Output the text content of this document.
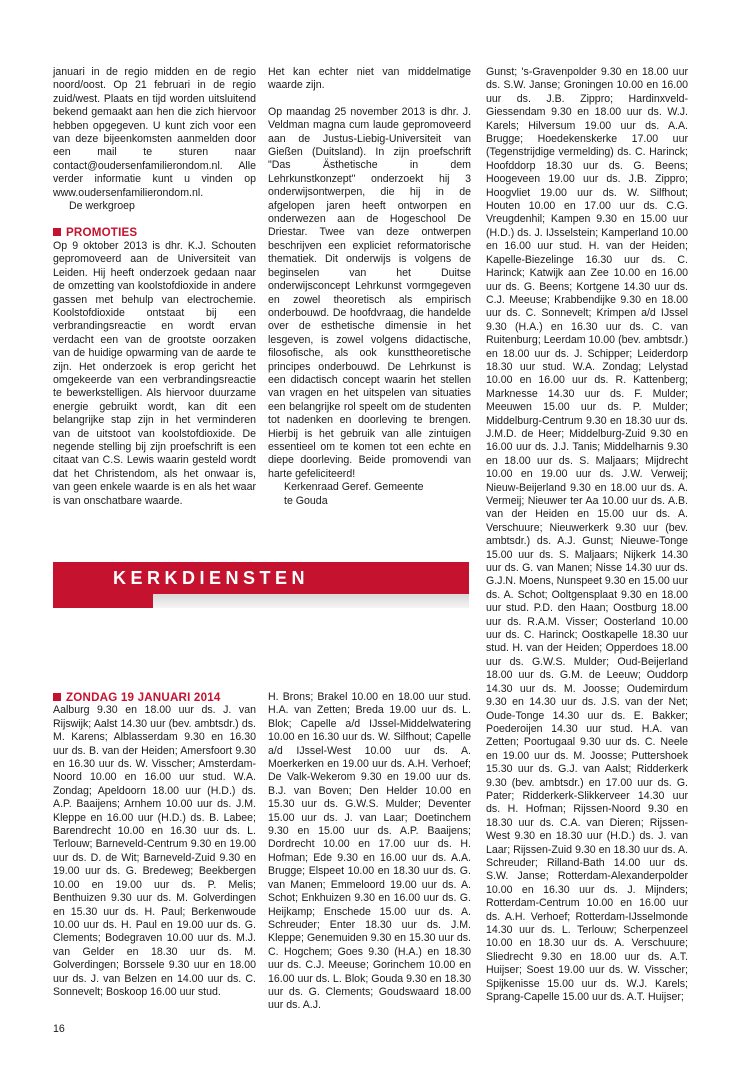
januari in de regio midden en de regio noord/oost. Op 21 februari in de regio zuid/west. Plaats en tijd worden uitsluitend bekend gemaakt aan hen die zich hiervoor hebben opgegeven. U kunt zich voor een van deze bijeenkomsten aanmelden door een mail te sturen naar contact@oudersenfamilierondom.nl. Alle verder informatie kunt u vinden op www.oudersenfamilierondom.nl.

De werkgroep

PROMOTIES

Op 9 oktober 2013 is dhr. K.J. Schouten gepromoveerd aan de Universiteit van Leiden. Hij heeft onderzoek gedaan naar de omzetting van koolstofdioxide in andere gassen met behulp van electrochemie. Koolstofdioxide ontstaat bij een verbrandingsreactie en wordt ervan verdacht een van de grootste oorzaken van de huidige opwarming van de aarde te zijn. Het onderzoek is erop gericht het omgekeerde van een verbrandingsreactie te bewerkstelligen. Als hiervoor duurzame energie gebruikt wordt, kan dit een belangrijke stap zijn in het verminderen van de uitstoot van koolstofdioxide. De negende stelling bij zijn proefschrift is een citaat van C.S. Lewis waarin gesteld wordt dat het Christendom, als het onwaar is, van geen enkele waarde is en als het waar is van onschatbare waarde.

Het kan echter niet van middelmatige waarde zijn.

Op maandag 25 november 2013 is dhr. J. Veldman magna cum laude gepromoveerd aan de Justus-Liebig-Universiteit van Gießen (Duitsland). In zijn proefschrift "Das Ästhetische in dem Lehrkunstkonzept" onderzoekt hij 3 onderwijsontwerpen, die hij in de afgelopen jaren heeft ontworpen en onderwezen aan de Hogeschool De Driestar. Twee van deze ontwerpen beschrijven een expliciet reformatorische thematiek. Dit onderwijs is volgens de beginselen van het Duitse onderwijsconcept Lehrkunst vormgegeven en zowel theoretisch als empirisch onderbouwd. De hoofdvraag, die handelde over de esthetische dimensie in het lesgeven, is zowel volgens didactische, filosofische, als ook kunsttheoretische principes onderbouwd. De Lehrkunst is een didactisch concept waarin het stellen van vragen en het uitspelen van situaties een belangrijke rol speelt om de studenten tot nadenken en doorleving te brengen. Hierbij is het gebruik van alle zintuigen essentieel om te komen tot een echte en diepe doorleving. Beide promovendi van harte gefeliciteerd!

Kerkenraad Geref. Gemeente

te Gouda

KERKDIENSTEN

ZONDAG 19 JANUARI 2014

Aalburg 9.30 en 18.00 uur ds. J. van Rijswijk; Aalst 14.30 uur (bev. ambtsdr.) ds. M. Karens; Alblasserdam 9.30 en 16.30 uur ds. B. van der Heiden; Amersfoort 9.30 en 16.30 uur ds. W. Visscher; Amsterdam-Noord 10.00 en 16.00 uur stud. W.A. Zondag; Apeldoorn 18.00 uur (H.D.) ds. A.P. Baaijens; Arnhem 10.00 uur ds. J.M. Kleppe en 16.00 uur (H.D.) ds. B. Labee; Barendrecht 10.00 en 16.30 uur ds. L. Terlouw; Barneveld-Centrum 9.30 en 19.00 uur ds. D. de Wit; Barneveld-Zuid 9.30 en 19.00 uur ds. G. Bredeweg; Beekbergen 10.00 en 19.00 uur ds. P. Melis; Benthuizen 9.30 uur ds. M. Golverdingen en 15.30 uur ds. H. Paul; Berkenwoude 10.00 uur ds. H. Paul en 19.00 uur ds. G. Clements; Bodegraven 10.00 uur ds. M.J. van Gelder en 18.30 uur ds. M. Golverdingen; Borssele 9.30 uur en 18.00 uur ds. J. van Belzen en 14.00 uur ds. C. Sonnevelt; Boskoop 16.00 uur stud.

H. Brons; Brakel 10.00 en 18.00 uur stud. H.A. van Zetten; Breda 19.00 uur ds. L. Blok; Capelle a/d IJssel-Middelwatering 10.00 en 16.30 uur ds. W. Silfhout; Capelle a/d IJssel-West 10.00 uur ds. A. Moerkerken en 19.00 uur ds. A.H. Verhoef; De Valk-Wekerom 9.30 en 19.00 uur ds. B.J. van Boven; Den Helder 10.00 en 15.30 uur ds. G.W.S. Mulder; Deventer 15.00 uur ds. J. van Laar; Doetinchem 9.30 en 15.00 uur ds. A.P. Baaijens; Dordrecht 10.00 en 17.00 uur ds. H. Hofman; Ede 9.30 en 16.00 uur ds. A.A. Brugge; Elspeet 10.00 en 18.30 uur ds. G. van Manen; Emmeloord 19.00 uur ds. A. Schot; Enkhuizen 9.30 en 16.00 uur ds. G. Heijkamp; Enschede 15.00 uur ds. A. Schreuder; Enter 18.30 uur ds. J.M. Kleppe; Genemuiden 9.30 en 15.30 uur ds. C. Hogchem; Goes 9.30 (H.A.) en 18.30 uur ds. C.J. Meeuse; Gorinchem 10.00 en 16.00 uur ds. L. Blok; Gouda 9.30 en 18.30 uur ds. G. Clements; Goudswaard 18.00 uur ds. A.J.

Gunst; 's-Gravenpolder 9.30 en 18.00 uur ds. S.W. Janse; Groningen 10.00 en 16.00 uur ds. J.B. Zippro; Hardinxveld-Giessendam 9.30 en 18.00 uur ds. W.J. Karels; Hilversum 19.00 uur ds. A.A. Brugge; Hoedekenskerke 17.00 uur (Tegenstrijdige vermelding) ds. C. Harinck; Hoofddorp 18.30 uur ds. G. Beens; Hoogeveen 19.00 uur ds. J.B. Zippro; Hoogvliet 19.00 uur ds. W. Silfhout; Houten 10.00 en 17.00 uur ds. C.G. Vreugdenhil; Kampen 9.30 en 15.00 uur (H.D.) ds. J. IJsselstein; Kamperland 10.00 en 16.00 uur stud. H. van der Heiden; Kapelle-Biezelinge 16.30 uur ds. C. Harinck; Katwijk aan Zee 10.00 en 16.00 uur ds. G. Beens; Kortgene 14.30 uur ds. C.J. Meeuse; Krabbendijke 9.30 en 18.00 uur ds. C. Sonnevelt; Krimpen a/d IJssel 9.30 (H.A.) en 16.30 uur ds. C. van Ruitenburg; Leerdam 10.00 (bev. ambtsdr.) en 18.00 uur ds. J. Schipper; Leiderdorp 18.30 uur stud. W.A. Zondag; Lelystad 10.00 en 16.00 uur ds. R. Kattenberg; Marknesse 14.30 uur ds. F. Mulder; Meeuwen 15.00 uur ds. P. Mulder; Middelburg-Centrum 9.30 en 18.30 uur ds. J.M.D. de Heer; Middelburg-Zuid 9.30 en 16.00 uur ds. J.J. Tanis; Middelharnis 9.30 en 18.00 uur ds. S. Maljaars; Mijdrecht 10.00 en 19.00 uur ds. J.W. Verweij; Nieuw-Beijerland 9.30 en 18.00 uur ds. A. Vermeij; Nieuwer ter Aa 10.00 uur ds. A.B. van der Heiden en 15.00 uur ds. A. Verschuure; Nieuwerkerk 9.30 uur (bev. ambtsdr.) ds. A.J. Gunst; Nieuwe-Tonge 15.00 uur ds. S. Maljaars; Nijkerk 14.30 uur ds. G. van Manen; Nisse 14.30 uur ds. G.J.N. Moens, Nunspeet 9.30 en 15.00 uur ds. A. Schot; Ooltgensplaat 9.30 en 18.00 uur stud. P.D. den Haan; Oostburg 18.00 uur ds. R.A.M. Visser; Oosterland 10.00 uur ds. C. Harinck; Oostkapelle 18.30 uur stud. H. van der Heiden; Opperdoes 18.00 uur ds. G.W.S. Mulder; Oud-Beijerland 18.00 uur ds. G.M. de Leeuw; Ouddorp 14.30 uur ds. M. Joosse; Oudemirdum 9.30 en 14.30 uur ds. J.S. van der Net; Oude-Tonge 14.30 uur ds. E. Bakker; Poederoijen 14.30 uur stud. H.A. van Zetten; Poortugaal 9.30 uur ds. C. Neele en 19.00 uur ds. M. Joosse; Puttershoek 15.30 uur ds. G.J. van Aalst; Ridderkerk 9.30 (bev. ambtsdr.) en 17.00 uur ds. G. Pater; Ridderkerk-Slikkerveer 14.30 uur ds. H. Hofman; Rijssen-Noord 9.30 en 18.30 uur ds. C.A. van Dieren; Rijssen-West 9.30 en 18.30 uur (H.D.) ds. J. van Laar; Rijssen-Zuid 9.30 en 18.30 uur ds. A. Schreuder; Rilland-Bath 14.00 uur ds. S.W. Janse; Rotterdam-Alexanderpolder 10.00 en 16.30 uur ds. J. Mijnders; Rotterdam-Centrum 10.00 en 16.00 uur ds. A.H. Verhoef; Rotterdam-IJsselmonde 14.30 uur ds. L. Terlouw; Scherpenzeel 10.00 en 18.30 uur ds. A. Verschuure; Sliedrecht 9.30 en 18.00 uur ds. A.T. Huijser; Soest 19.00 uur ds. W. Visscher; Spijkenisse 15.00 uur ds. W.J. Karels; Sprang-Capelle 15.00 uur ds. A.T. Huijser;

16
